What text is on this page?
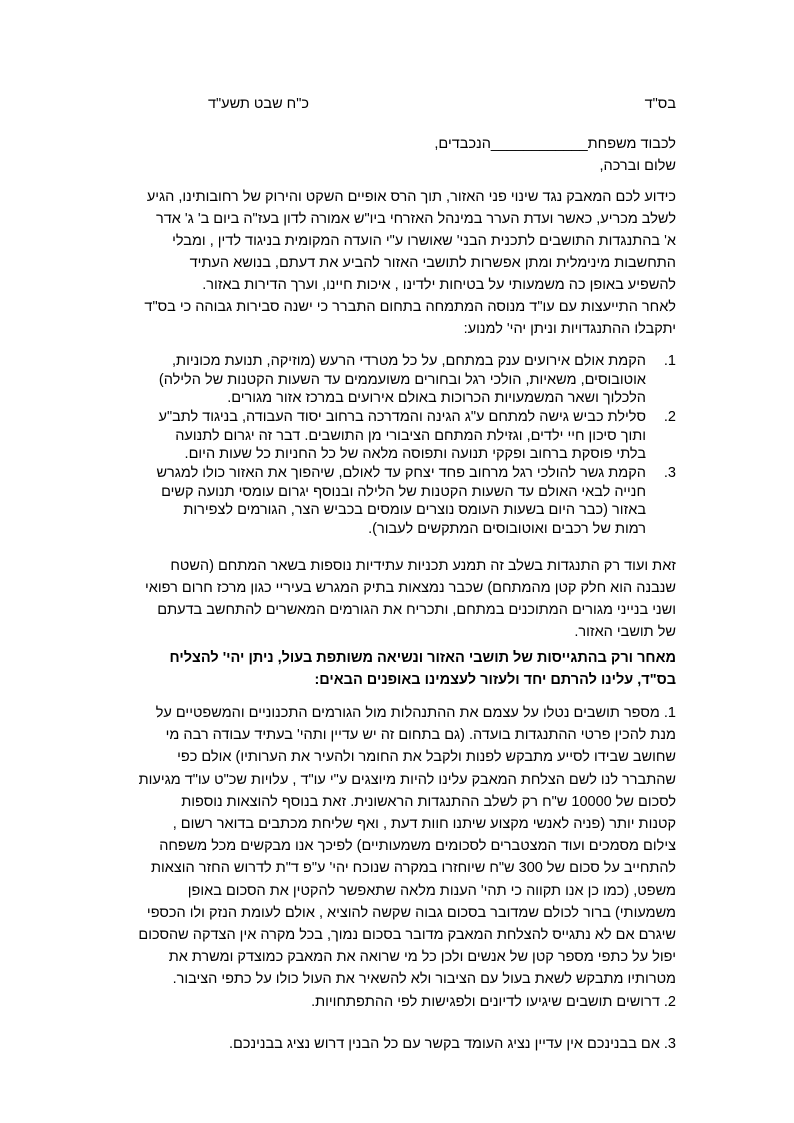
בס"ד
כ"ח שבט תשע"ד
לכבוד משפחת____________הנכבדים,
שלום וברכה,
כידוע לכם המאבק נגד שינוי פני האזור, תוך הרס אופיים השקט והירוק של רחובותינו, הגיע
לשלב מכריע, כאשר ועדת הערר במינהל האזרחי ביו"ש אמורה לדון בעז"ה ביום ב' ג' אדר
א' בהתנגדות התושבים לתכנית הבני' שאושרו ע"י הועדה המקומית בניגוד לדין , ומבלי
התחשבות מינימלית ומתן אפשרות לתושבי האזור להביע את דעתם, בנושא העתיד
להשפיע באופן כה משמעותי על בטיחות ילדינו , איכות חיינו, וערך הדירות באזור.
לאחר התייעצות עם עו"ד מנוסה המתמחה בתחום התברר כי ישנה סבירות גבוהה כי בס"ד
יתקבלו ההתנגדויות וניתן יהי' למנוע:
1.
הקמת אולם אירועים ענק במתחם, על כל מטרדי הרעש (מוזיקה, תנועת מכוניות,
אוטובוסים, משאיות, הולכי רגל ובחורים משועממים עד השעות הקטנות של הלילה)
הלכלוך ושאר המשמעויות הכרוכות באולם אירועים במרכז אזור מגורים.
2.
סלילת כביש גישה למתחם ע"ג הגינה והמדרכה ברחוב יסוד העבודה, בניגוד לתב"ע
ותוך סיכון חיי ילדים, וגזילת המתחם הציבורי מן התושבים. דבר זה יגרום לתנועה
בלתי פוסקת ברחוב ופקקי תנועה ותפוסה מלאה של כל החניות כל שעות היום.
3.
הקמת גשר להולכי רגל מרחוב פחד יצחק עד לאולם, שיהפוך את האזור כולו למגרש
חנייה לבאי האולם עד השעות הקטנות של הלילה ובנוסף יגרום עומסי תנועה קשים
באזור (כבר היום בשעות העומס נוצרים עומסים בכביש הצר, הגורמים לצפירות
רמות של רכבים ואוטובוסים המתקשים לעבור).
זאת ועוד רק התנגדות בשלב זה תמנע תכניות עתידיות נוספות בשאר המתחם (השטח
שנבנה הוא חלק קטן מהמתחם) שכבר נמצאות בתיק המגרש בעיריי כגון מרכז חרום רפואי
ושני בנייני מגורים המתוכנים במתחם, ותכריח את הגורמים המאשרים להתחשב בדעתם
של תושבי האזור.
מאחר ורק בהתגייסות של תושבי האזור ונשיאה משותפת בעול, ניתן יהי' להצליח
בס"ד, עלינו להרתם יחד ולעזור לעצמינו באופנים הבאים:
1. מספר תושבים נטלו על עצמם את ההתנהלות מול הגורמים התכנוניים והמשפטיים על
מנת להכין פרטי ההתנגדות בועדה. (גם בתחום זה יש עדיין ותהי' בעתיד עבודה רבה מי
שחושב שבידו לסייע מתבקש לפנות ולקבל את החומר ולהעיר את הערותיו) אולם כפי
שהתברר לנו לשם הצלחת המאבק עלינו להיות מיוצגים ע"י עו"ד , עלויות שכ"ט עו"ד מגיעות
לסכום של 10000 ש"ח רק לשלב ההתנגדות הראשונית. זאת בנוסף להוצאות נוספות
קטנות יותר (פניה לאנשי מקצוע שיתנו חוות דעת , ואף שליחת מכתבים בדואר רשום ,
צילום מסמכים ועוד המצטברים לסכומים משמעותיים) לפיכך אנו מבקשים מכל משפחה
להתחייב על סכום של 300 ש"ח שיוחזרו במקרה שנוכח יהי' ע"פ ד"ת לדרוש החזר הוצאות
משפט, (כמו כן אנו תקווה כי תהי' הענות מלאה שתאפשר להקטין את הסכום באופן
משמעותי) ברור לכולם שמדובר בסכום גבוה שקשה להוציא , אולם לעומת הנזק ולו הכספי
שיגרם אם לא נתגייס להצלחת המאבק מדובר בסכום נמוך, בכל מקרה אין הצדקה שהסכום
יפול על כתפי מספר קטן של אנשים ולכן כל מי שרואה את המאבק כמוצדק ומשרת את
מטרותיו מתבקש לשאת בעול עם הציבור ולא להשאיר את העול כולו על כתפי הציבור.
2. דרושים תושבים שיגיעו לדיונים ולפגישות לפי ההתפתחויות.
3. אם בבנינכם אין עדיין נציג העומד בקשר עם כל הבנין דרוש נציג בבנינכם.
